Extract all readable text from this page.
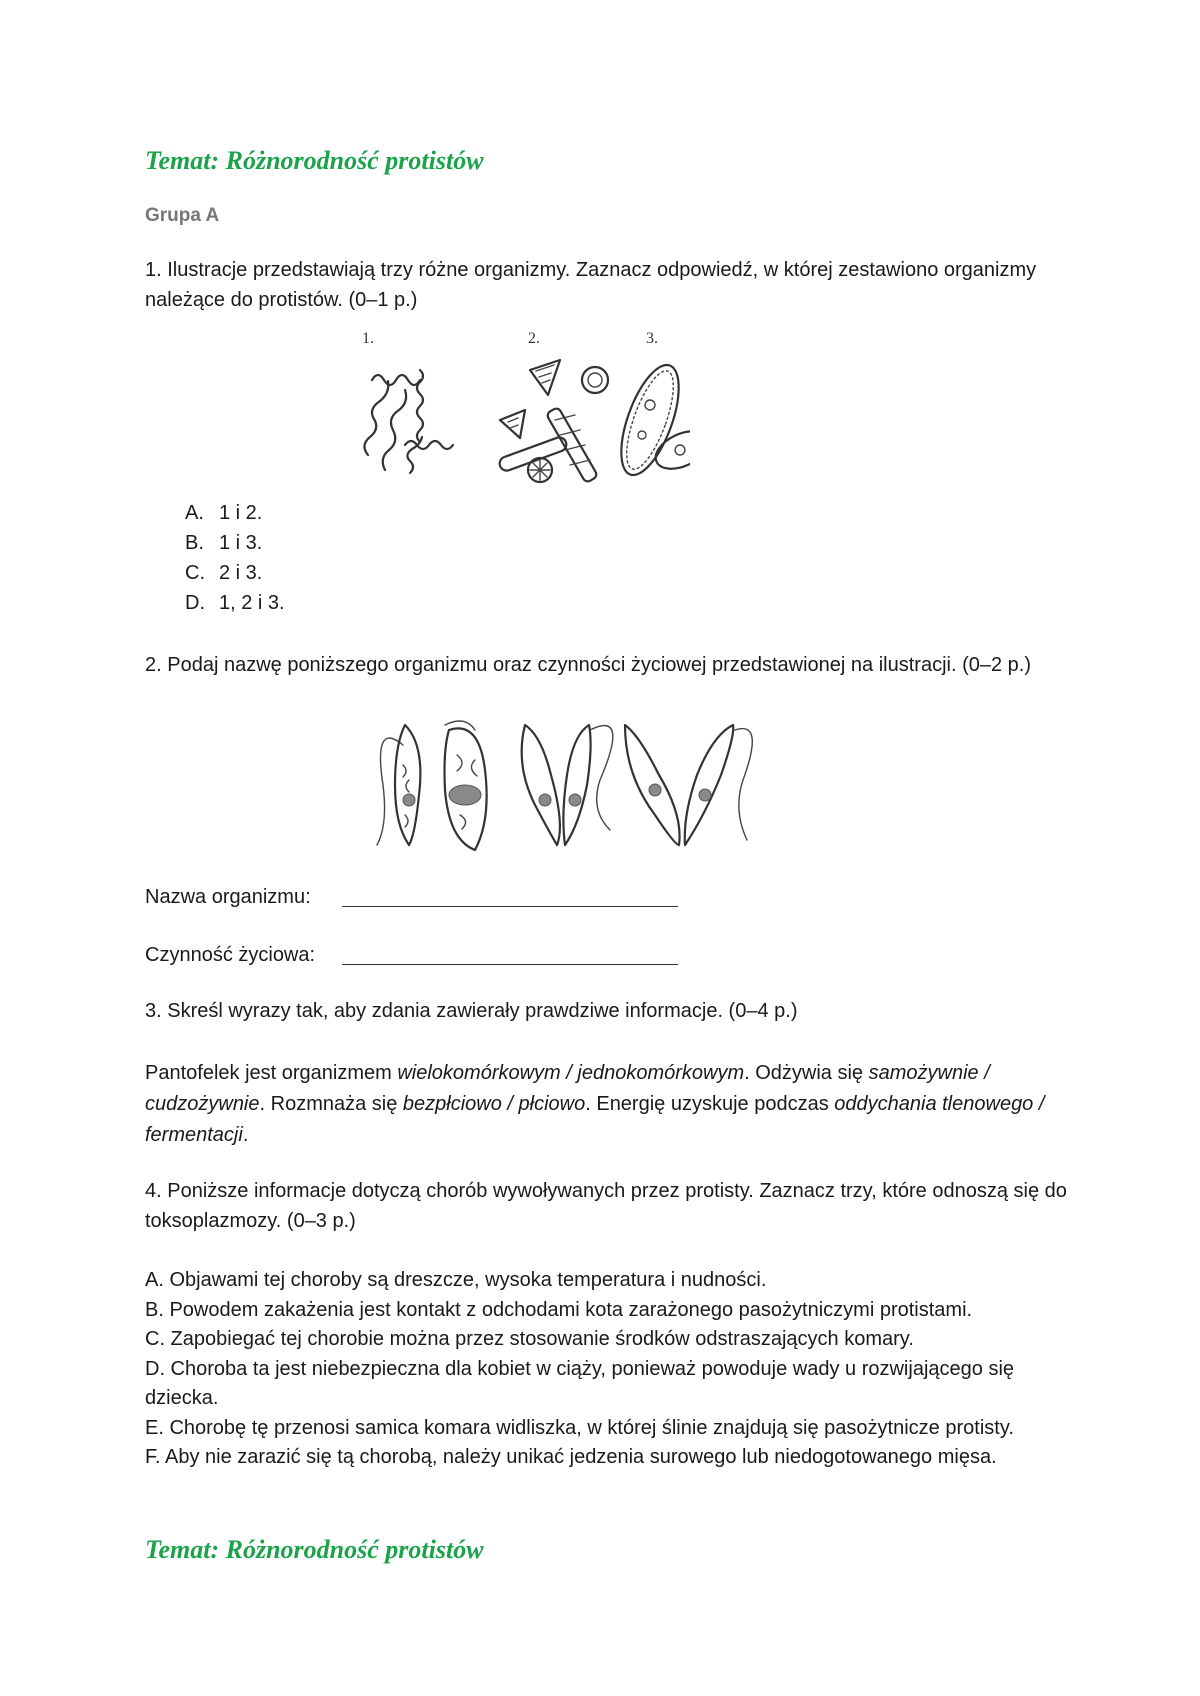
Temat: Różnorodność protistów
Grupa A
1. Ilustracje przedstawiają trzy różne organizmy. Zaznacz odpowiedź, w której zestawiono organizmy należące do protistów. (0–1 p.)
1.	2.	3.
A. 1 i 2.
B. 1 i 3.
C. 2 i 3.
D. 1, 2 i 3.
2. Podaj nazwę poniższego organizmu oraz czynności życiowej przedstawionej na ilustracji. (0–2 p.)
Nazwa organizmu:
Czynność życiowa:
3. Skreśl wyrazy tak, aby zdania zawierały prawdziwe informacje. (0–4 p.)
Pantofelek jest organizmem wielokomórkowym / jednokomórkowym. Odżywia się samożywnie / cudzożywnie. Rozmnaża się bezpłciowo / płciowo. Energię uzyskuje podczas oddychania tlenowego / fermentacji.
4. Poniższe informacje dotyczą chorób wywoływanych przez protisty. Zaznacz trzy, które odnoszą się do toksoplazmozy. (0–3 p.)
A. Objawami tej choroby są dreszcze, wysoka temperatura i nudności.
B. Powodem zakażenia jest kontakt z odchodami kota zarażonego pasożytniczymi protistami.
C. Zapobiegać tej chorobie można przez stosowanie środków odstraszających komary.
D. Choroba ta jest niebezpieczna dla kobiet w ciąży, ponieważ powoduje wady u rozwijającego się dziecka.
E. Chorobę tę przenosi samica komara widliszka, w której ślinie znajdują się pasożytnicze protisty.
F. Aby nie zarazić się tą chorobą, należy unikać jedzenia surowego lub niedogotowanego mięsa.
Temat: Różnorodność protistów
